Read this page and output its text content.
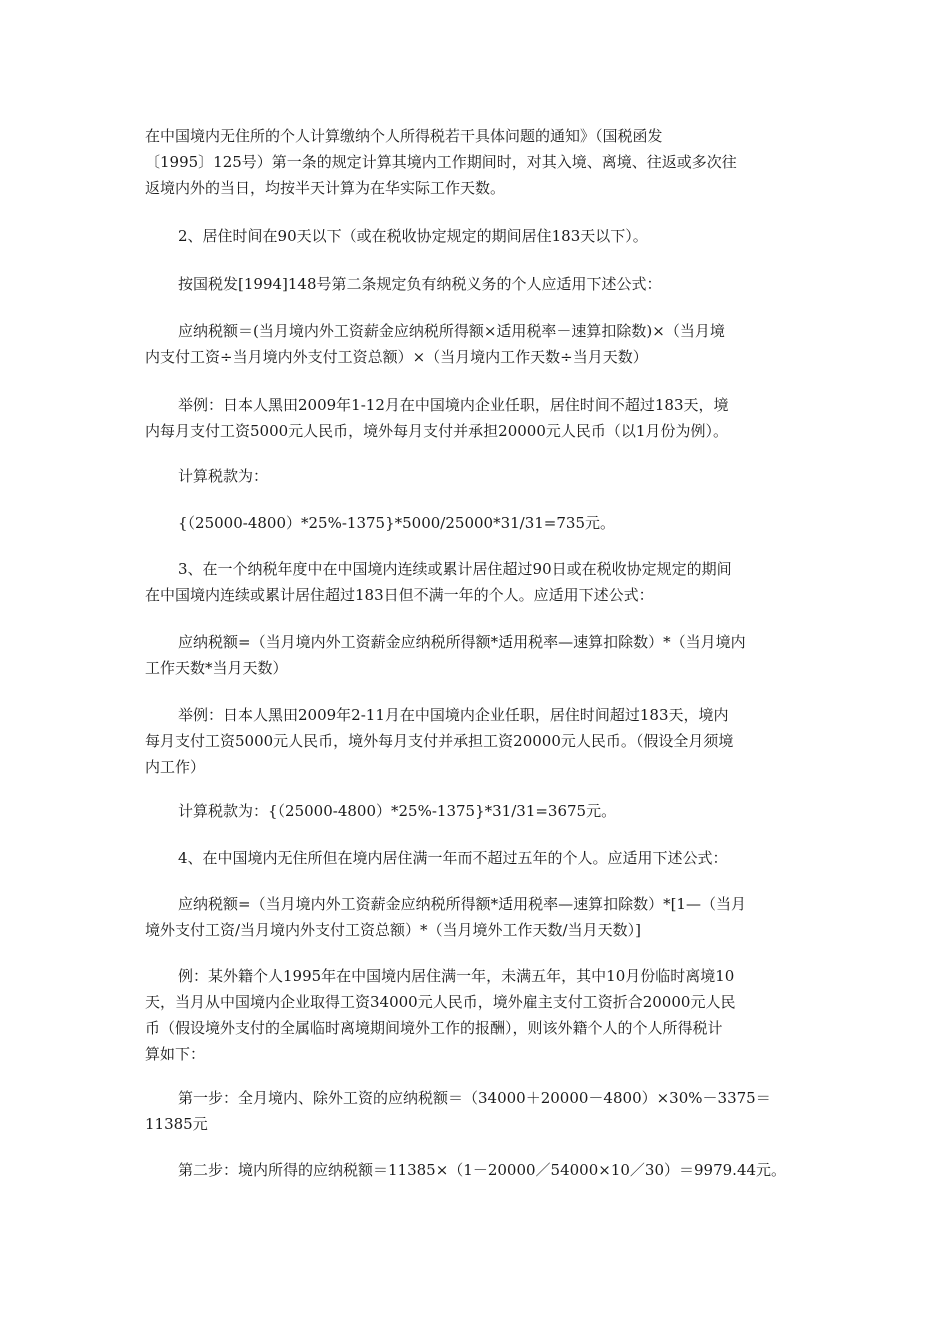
在中国境内无住所的个人计算缴纳个人所得税若干具体问题的通知》（国税函发
〔1995〕125号）第一条的规定计算其境内工作期间时，对其入境、离境、往返或多次往
返境内外的当日，均按半天计算为在华实际工作天数。

2、居住时间在90天以下（或在税收协定规定的期间居住183天以下）。

按国税发[1994]148号第二条规定负有纳税义务的个人应适用下述公式：

应纳税额＝(当月境内外工资薪金应纳税所得额×适用税率－速算扣除数)×（当月境
内支付工资÷当月境内外支付工资总额）×（当月境内工作天数÷当月天数）

举例：日本人黑田2009年1-12月在中国境内企业任职，居住时间不超过183天，境
内每月支付工资5000元人民币，境外每月支付并承担20000元人民币（以1月份为例）。

计算税款为：

{（25000-4800）*25%-1375}*5000/25000*31/31=735元。

3、在一个纳税年度中在中国境内连续或累计居住超过90日或在税收协定规定的期间
在中国境内连续或累计居住超过183日但不满一年的个人。应适用下述公式：

应纳税额=（当月境内外工资薪金应纳税所得额*适用税率—速算扣除数）*（当月境内
工作天数*当月天数）

举例：日本人黑田2009年2-11月在中国境内企业任职，居住时间超过183天，境内
每月支付工资5000元人民币，境外每月支付并承担工资20000元人民币。（假设全月须境
内工作）

计算税款为：{（25000-4800）*25%-1375}*31/31=3675元。

4、在中国境内无住所但在境内居住满一年而不超过五年的个人。应适用下述公式：

应纳税额=（当月境内外工资薪金应纳税所得额*适用税率—速算扣除数）*[1—（当月
境外支付工资/当月境内外支付工资总额）*（当月境外工作天数/当月天数）]

例：某外籍个人1995年在中国境内居住满一年，未满五年，其中10月份临时离境10
天，当月从中国境内企业取得工资34000元人民币，境外雇主支付工资折合20000元人民
币（假设境外支付的全属临时离境期间境外工作的报酬），则该外籍个人的个人所得税计
算如下：

第一步：全月境内、除外工资的应纳税额＝（34000＋20000－4800）×30%－3375＝
11385元

第二步：境内所得的应纳税额＝11385×（1－20000／54000×10／30）＝9979.44元。
